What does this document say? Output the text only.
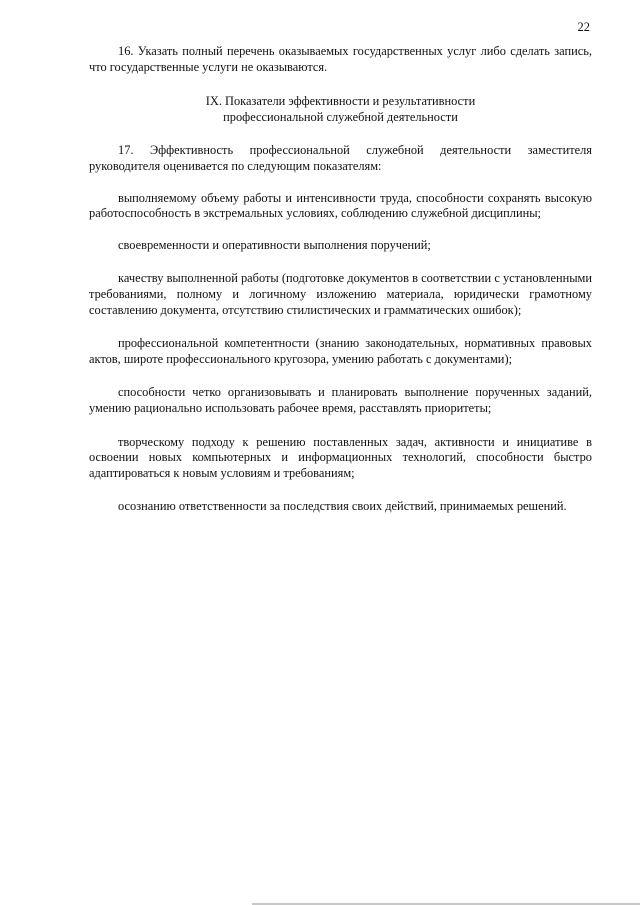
22

16. Указать полный перечень оказываемых государственных услуг либо сделать запись, что государственные услуги не оказываются.

IX. Показатели эффективности и результативности
профессиональной служебной деятельности

17. Эффективность профессиональной служебной деятельности заместителя руководителя оценивается по следующим показателям:

выполняемому объему работы и интенсивности труда, способности сохранять высокую работоспособность в экстремальных условиях, соблюдению служебной дисциплины;

своевременности и оперативности выполнения поручений;

качеству выполненной работы (подготовке документов в соответствии с установленными требованиями, полному и логичному изложению материала, юридически грамотному составлению документа, отсутствию стилистических и грамматических ошибок);

профессиональной компетентности (знанию законодательных, нормативных правовых актов, широте профессионального кругозора, умению работать с документами);

способности четко организовывать и планировать выполнение порученных заданий, умению рационально использовать рабочее время, расставлять приоритеты;

творческому подходу к решению поставленных задач, активности и инициативе в освоении новых компьютерных и информационных технологий, способности быстро адаптироваться к новым условиям и требованиям;

осознанию ответственности за последствия своих действий, принимаемых решений.
